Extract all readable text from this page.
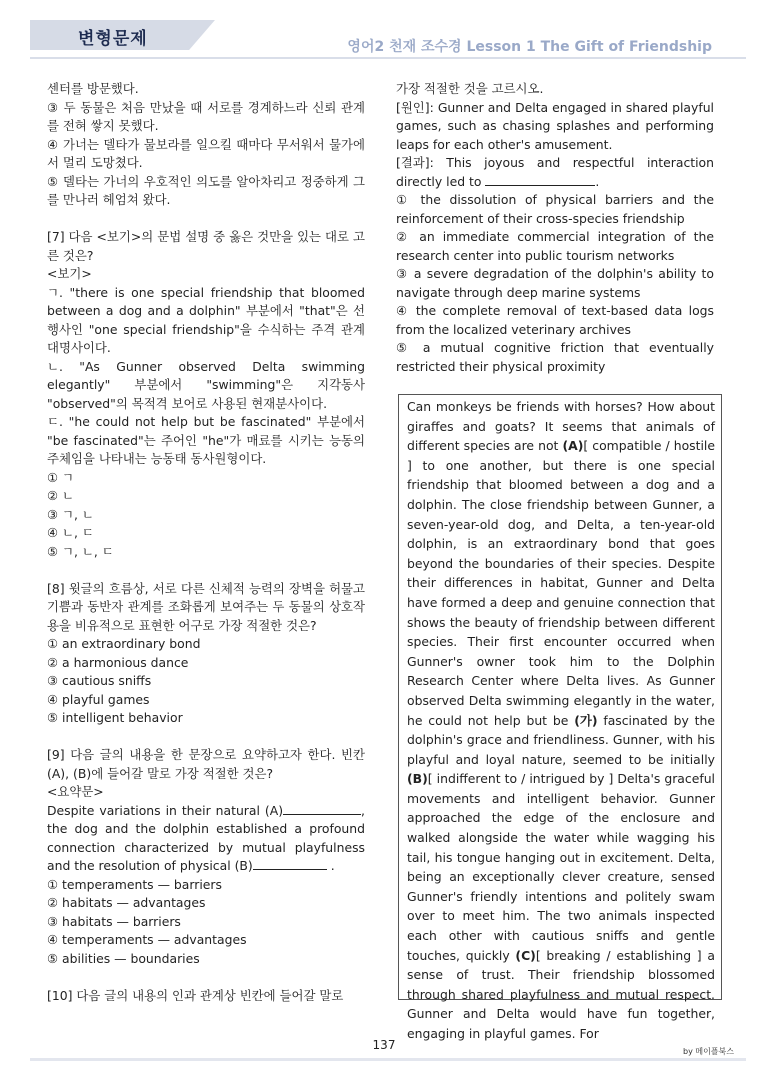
변형문제	영어2 천재 조수경 Lesson 1 The Gift of Friendship

센터를 방문했다.

③ 두 동물은 처음 만났을 때 서로를 경계하느라 신뢰 관계를 전혀 쌓지 못했다.

④ 가너는 델타가 물보라를 일으킬 때마다 무서워서 물가에서 멀리 도망쳤다.

⑤ 델타는 가너의 우호적인 의도를 알아차리고 정중하게 그를 만나러 헤엄쳐 왔다.

[7] 다음 <보기>의 문법 설명 중 옳은 것만을 있는 대로 고른 것은?

<보기>

ㄱ. "there is one special friendship that bloomed between a dog and a dolphin" 부분에서 "that"은 선행사인 "one special friendship"을 수식하는 주격 관계대명사이다.

ㄴ. "As Gunner observed Delta swimming elegantly" 부분에서 "swimming"은 지각동사 "observed"의 목적격 보어로 사용된 현재분사이다.

ㄷ. "he could not help but be fascinated" 부분에서 "be fascinated"는 주어인 "he"가 매료를 시키는 능동의 주체임을 나타내는 능동태 동사원형이다.

① ㄱ

② ㄴ

③ ㄱ, ㄴ

④ ㄴ, ㄷ

⑤ ㄱ, ㄴ, ㄷ

[8] 윗글의 흐름상, 서로 다른 신체적 능력의 장벽을 허물고 기쁨과 동반자 관계를 조화롭게 보여주는 두 동물의 상호작용을 비유적으로 표현한 어구로 가장 적절한 것은?

① an extraordinary bond

② a harmonious dance

③ cautious sniffs

④ playful games

⑤ intelligent behavior

[9] 다음 글의 내용을 한 문장으로 요약하고자 한다. 빈칸 (A), (B)에 들어갈 말로 가장 적절한 것은?

<요약문>

Despite variations in their natural (A)	, the dog and the dolphin established a profound connection characterized by mutual playfulness and the resolution of physical (B)	.

① temperaments — barriers

② habitats — advantages

③ habitats — barriers

④ temperaments — advantages

⑤ abilities — boundaries

[10] 다음 글의 내용의 인과 관계상 빈칸에 들어갈 말로

가장 적절한 것을 고르시오.

[원인]: Gunner and Delta engaged in shared playful games, such as chasing splashes and performing leaps for each other's amusement.

[결과]: This joyous and respectful interaction directly led to	.

① the dissolution of physical barriers and the reinforcement of their cross-species friendship

② an immediate commercial integration of the research center into public tourism networks

③ a severe degradation of the dolphin's ability to navigate through deep marine systems

④ the complete removal of text-based data logs from the localized veterinary archives

⑤ a mutual cognitive friction that eventually restricted their physical proximity

Can monkeys be friends with horses? How about giraffes and goats? It seems that animals of different species are not (A)[ compatible / hostile ] to one another, but there is one special friendship that bloomed between a dog and a dolphin. The close friendship between Gunner, a seven-year-old dog, and Delta, a ten-year-old dolphin, is an extraordinary bond that goes beyond the boundaries of their species. Despite their differences in habitat, Gunner and Delta have formed a deep and genuine connection that shows the beauty of friendship between different species. Their first encounter occurred when Gunner's owner took him to the Dolphin Research Center where Delta lives. As Gunner observed Delta swimming elegantly in the water, he could not help but be (가) fascinated by the dolphin's grace and friendliness. Gunner, with his playful and loyal nature, seemed to be initially (B)[ indifferent to / intrigued by ] Delta's graceful movements and intelligent behavior. Gunner approached the edge of the enclosure and walked alongside the water while wagging his tail, his tongue hanging out in excitement. Delta, being an exceptionally clever creature, sensed Gunner's friendly intentions and politely swam over to meet him. The two animals inspected each other with cautious sniffs and gentle touches, quickly (C)[ breaking / establishing ] a sense of trust. Their friendship blossomed through shared playfulness and mutual respect. Gunner and Delta would have fun together, engaging in playful games. For

137	by 메이플북스
